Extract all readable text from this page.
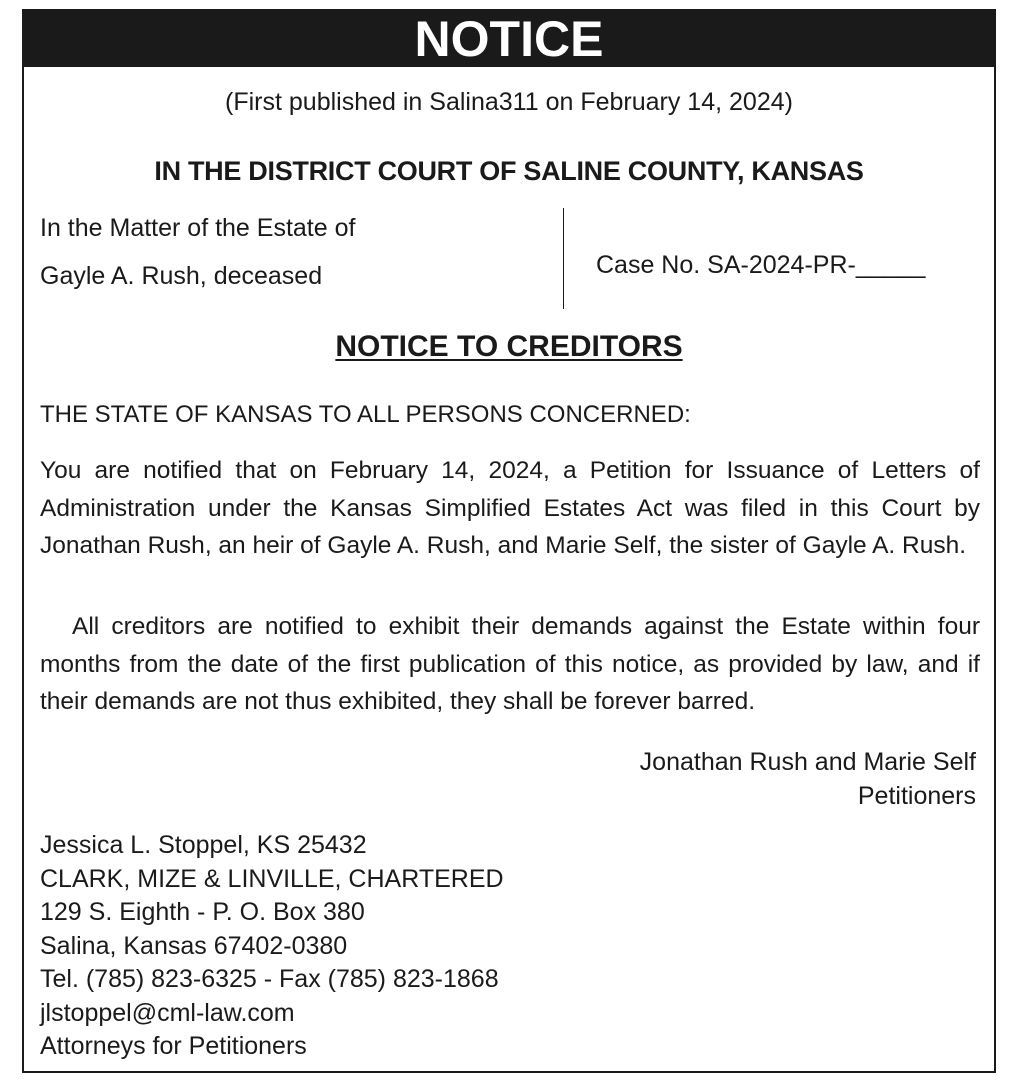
NOTICE
(First published in Salina311 on February 14, 2024)
IN THE DISTRICT COURT OF SALINE COUNTY, KANSAS
In the Matter of the Estate of
Gayle A. Rush, deceased	Case No. SA-2024-PR-_____
NOTICE TO CREDITORS
THE STATE OF KANSAS TO ALL PERSONS CONCERNED:
You are notified that on February 14, 2024, a Petition for Issuance of Letters of Administration under the Kansas Simplified Estates Act was filed in this Court by Jonathan Rush, an heir of Gayle A. Rush, and Marie Self, the sister of Gayle A. Rush.
All creditors are notified to exhibit their demands against the Estate within four months from the date of the first publication of this notice, as provided by law, and if their demands are not thus exhibited, they shall be forever barred.
Jonathan Rush and Marie Self
Petitioners
Jessica L. Stoppel, KS 25432
CLARK, MIZE & LINVILLE, CHARTERED
129 S. Eighth - P. O. Box 380
Salina, Kansas 67402-0380
Tel. (785) 823-6325 - Fax (785) 823-1868
jlstoppel@cml-law.com
Attorneys for Petitioners
